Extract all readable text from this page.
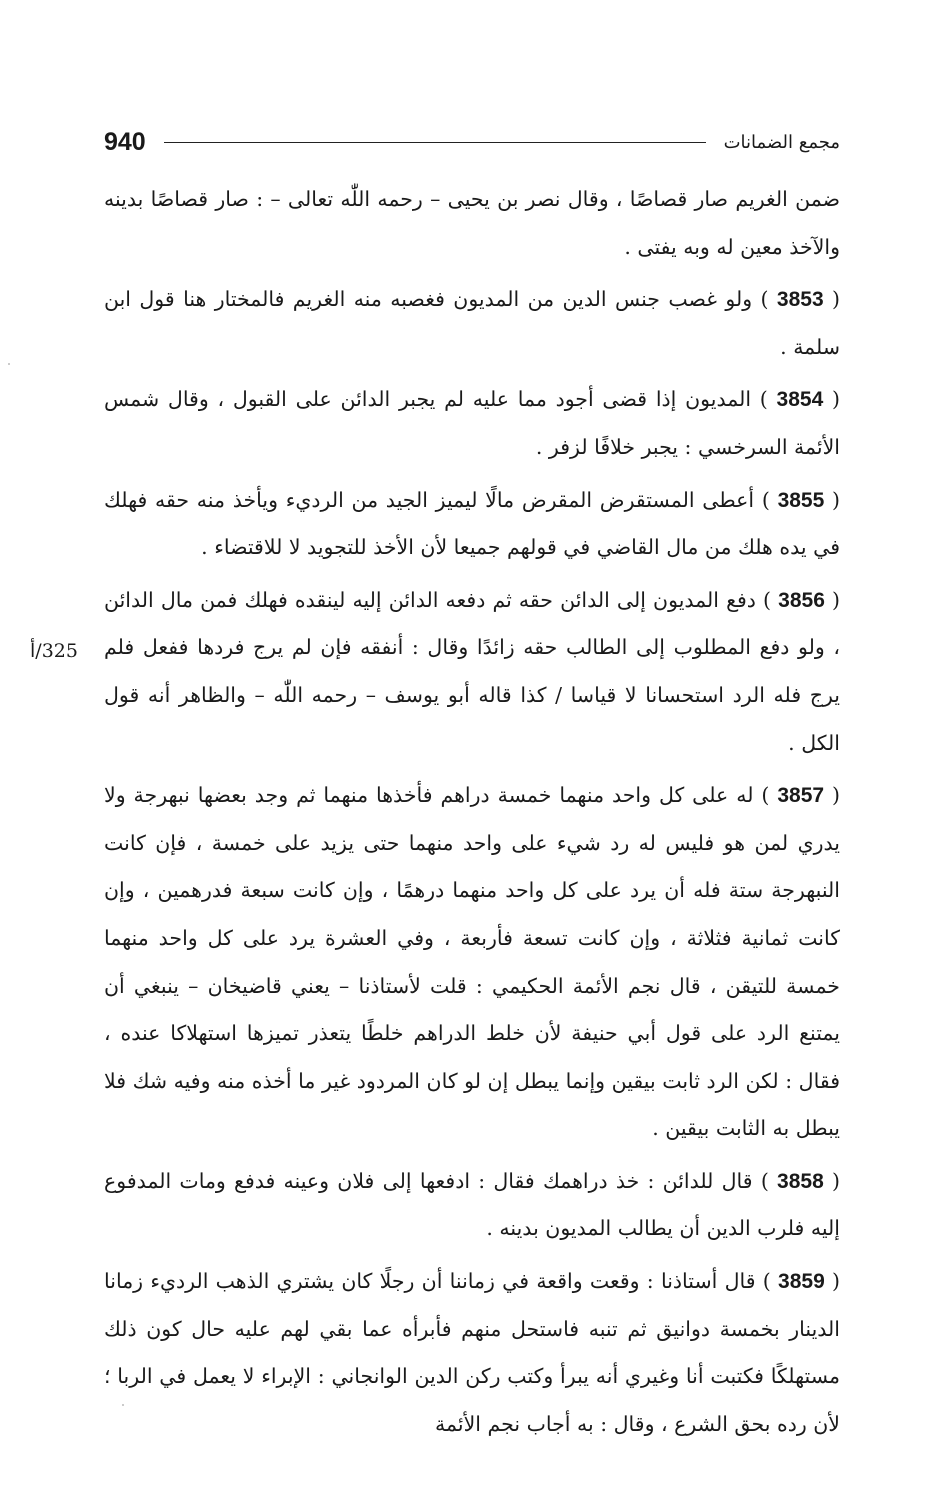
940	مجمع الضمانات
325/أ

ضمن الغريم صار قصاصًا ، وقال نصر بن يحيى – رحمه اللّٰه تعالى – : صار قصاصًا بدينه والآخذ معين له وبه يفتى .

( 3853 ) ولو غصب جنس الدين من المديون فغصبه منه الغريم فالمختار هنا قول ابن سلمة .

( 3854 ) المديون إذا قضى أجود مما عليه لم يجبر الدائن على القبول ، وقال شمس الأئمة السرخسي : يجبر خلافًا لزفر .

( 3855 ) أعطى المستقرض المقرض مالًا ليميز الجيد من الرديء ويأخذ منه حقه فهلك في يده هلك من مال القاضي في قولهم جميعا لأن الأخذ للتجويد لا للاقتضاء .

( 3856 ) دفع المديون إلى الدائن حقه ثم دفعه الدائن إليه لينقده فهلك فمن مال الدائن ، ولو دفع المطلوب إلى الطالب حقه زائدًا وقال : أنفقه فإن لم يرج فردها ففعل فلم يرج فله الرد استحسانا لا قياسا / كذا قاله أبو يوسف – رحمه اللّٰه – والظاهر أنه قول الكل .

( 3857 ) له على كل واحد منهما خمسة دراهم فأخذها منهما ثم وجد بعضها نبهرجة ولا يدري لمن هو فليس له رد شيء على واحد منهما حتى يزيد على خمسة ، فإن كانت النبهرجة ستة فله أن يرد على كل واحد منهما درهمًا ، وإن كانت سبعة فدرهمين ، وإن كانت ثمانية فثلاثة ، وإن كانت تسعة فأربعة ، وفي العشرة يرد على كل واحد منهما خمسة للتيقن ، قال نجم الأئمة الحكيمي : قلت لأستاذنا – يعني قاضيخان – ينبغي أن يمتنع الرد على قول أبي حنيفة لأن خلط الدراهم خلطًا يتعذر تميزها استهلاكا عنده ، فقال : لكن الرد ثابت بيقين وإنما يبطل إن لو كان المردود غير ما أخذه منه وفيه شك فلا يبطل به الثابت بيقين .

( 3858 ) قال للدائن : خذ دراهمك فقال : ادفعها إلى فلان وعينه فدفع ومات المدفوع إليه فلرب الدين أن يطالب المديون بدينه .

( 3859 ) قال أستاذنا : وقعت واقعة في زماننا أن رجلًا كان يشتري الذهب الرديء زمانا الدينار بخمسة دوانيق ثم تنبه فاستحل منهم فأبرأه عما بقي لهم عليه حال كون ذلك مستهلكًا فكتبت أنا وغيري أنه يبرأ وكتب ركن الدين الوانجاني : الإبراء لا يعمل في الربا ؛ لأن رده بحق الشرع ، وقال : به أجاب نجم الأئمة
